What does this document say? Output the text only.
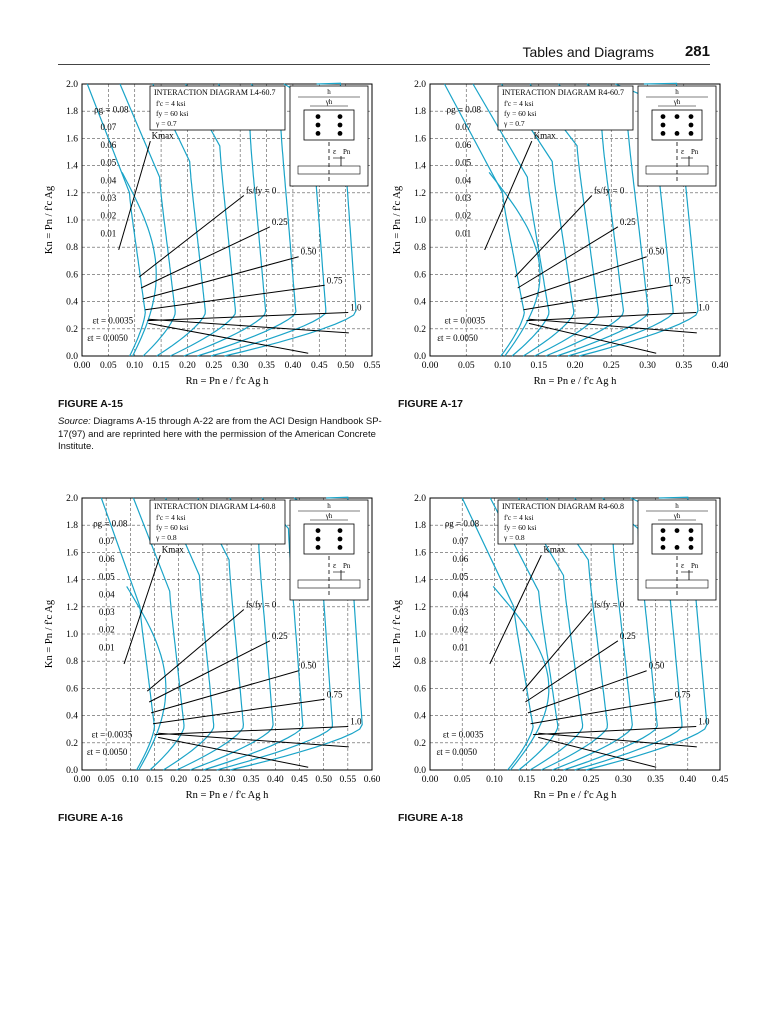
Tables and Diagrams 281
0.00 0.05 0.10 0.15 0.20 0.25 0.30 0.35 0.40 0.45 0.50 0.55
0.0
0.2
0.4
0.6
0.8
1.0
1.2
1.4
1.6
1.8
2.0
Rn = Pn e / f'c Ag h
Kn = Pn / f'c Ag	0.01
0.02
0.03
0.04
0.05
0.06
0.07
ρg = 0.08
Kmax
fs/fy = 0
0.25
0.50
0.75
1.0
εt = 0.0035
εt = 0.0050
INTERACTION DIAGRAM L4-60.7
f'c = 4 ksi
fy = 60 ksi
γ = 0.7
h
γh
ε Pn
FIGURE A-15
Source: Diagrams A-15 through A-22 are from the ACI Design Handbook SP-17(97) and are reprinted here with the permission of the American Concrete Institute.
0.00 0.05 0.10 0.15 0.20 0.25 0.30 0.35 0.40
0.0
0.2
0.4
0.6
0.8
1.0
1.2
1.4
1.6
1.8
2.0
Rn = Pn e / f'c Ag h
Kn = Pn / f'c Ag	0.01
0.02
0.03
0.04
0.05
0.06
0.07
ρg = 0.08
Kmax
fs/fy = 0
0.25
0.50
0.75
1.0
εt = 0.0035
εt = 0.0050
INTERACTION DIAGRAM R4-60.7
f'c = 4 ksi
fy = 60 ksi
γ = 0.7
h
γh
ε Pn
FIGURE A-17
0.00 0.05 0.10 0.15 0.20 0.25 0.30 0.35 0.40 0.45 0.50 0.55 0.60
0.0
0.2
0.4
0.6
0.8
1.0
1.2
1.4
1.6
1.8
2.0
Rn = Pn e / f'c Ag h
Kn = Pn / f'c Ag	0.01
0.02
0.03
0.04
0.05
0.06
0.07
ρg = 0.08
Kmax
fs/fy = 0
0.25
0.50
0.75
1.0
εt = 0.0035
εt = 0.0050
INTERACTION DIAGRAM L4-60.8
f'c = 4 ksi
fy = 60 ksi
γ = 0.8
h
γh
ε Pn
FIGURE A-16
0.00 0.05 0.10 0.15 0.20 0.25 0.30 0.35 0.40 0.45
0.0
0.2
0.4
0.6
0.8
1.0
1.2
1.4
1.6
1.8
2.0
Rn = Pn e / f'c Ag h
Kn = Pn / f'c Ag	0.01
0.02
0.03
0.04
0.05
0.06
0.07
ρg = 0.08
Kmax
fs/fy = 0
0.25
0.50
0.75
1.0
εt = 0.0035
εt = 0.0050
INTERACTION DIAGRAM R4-60.8
f'c = 4 ksi
fy = 60 ksi
γ = 0.8
h
γh
ε Pn
FIGURE A-18
